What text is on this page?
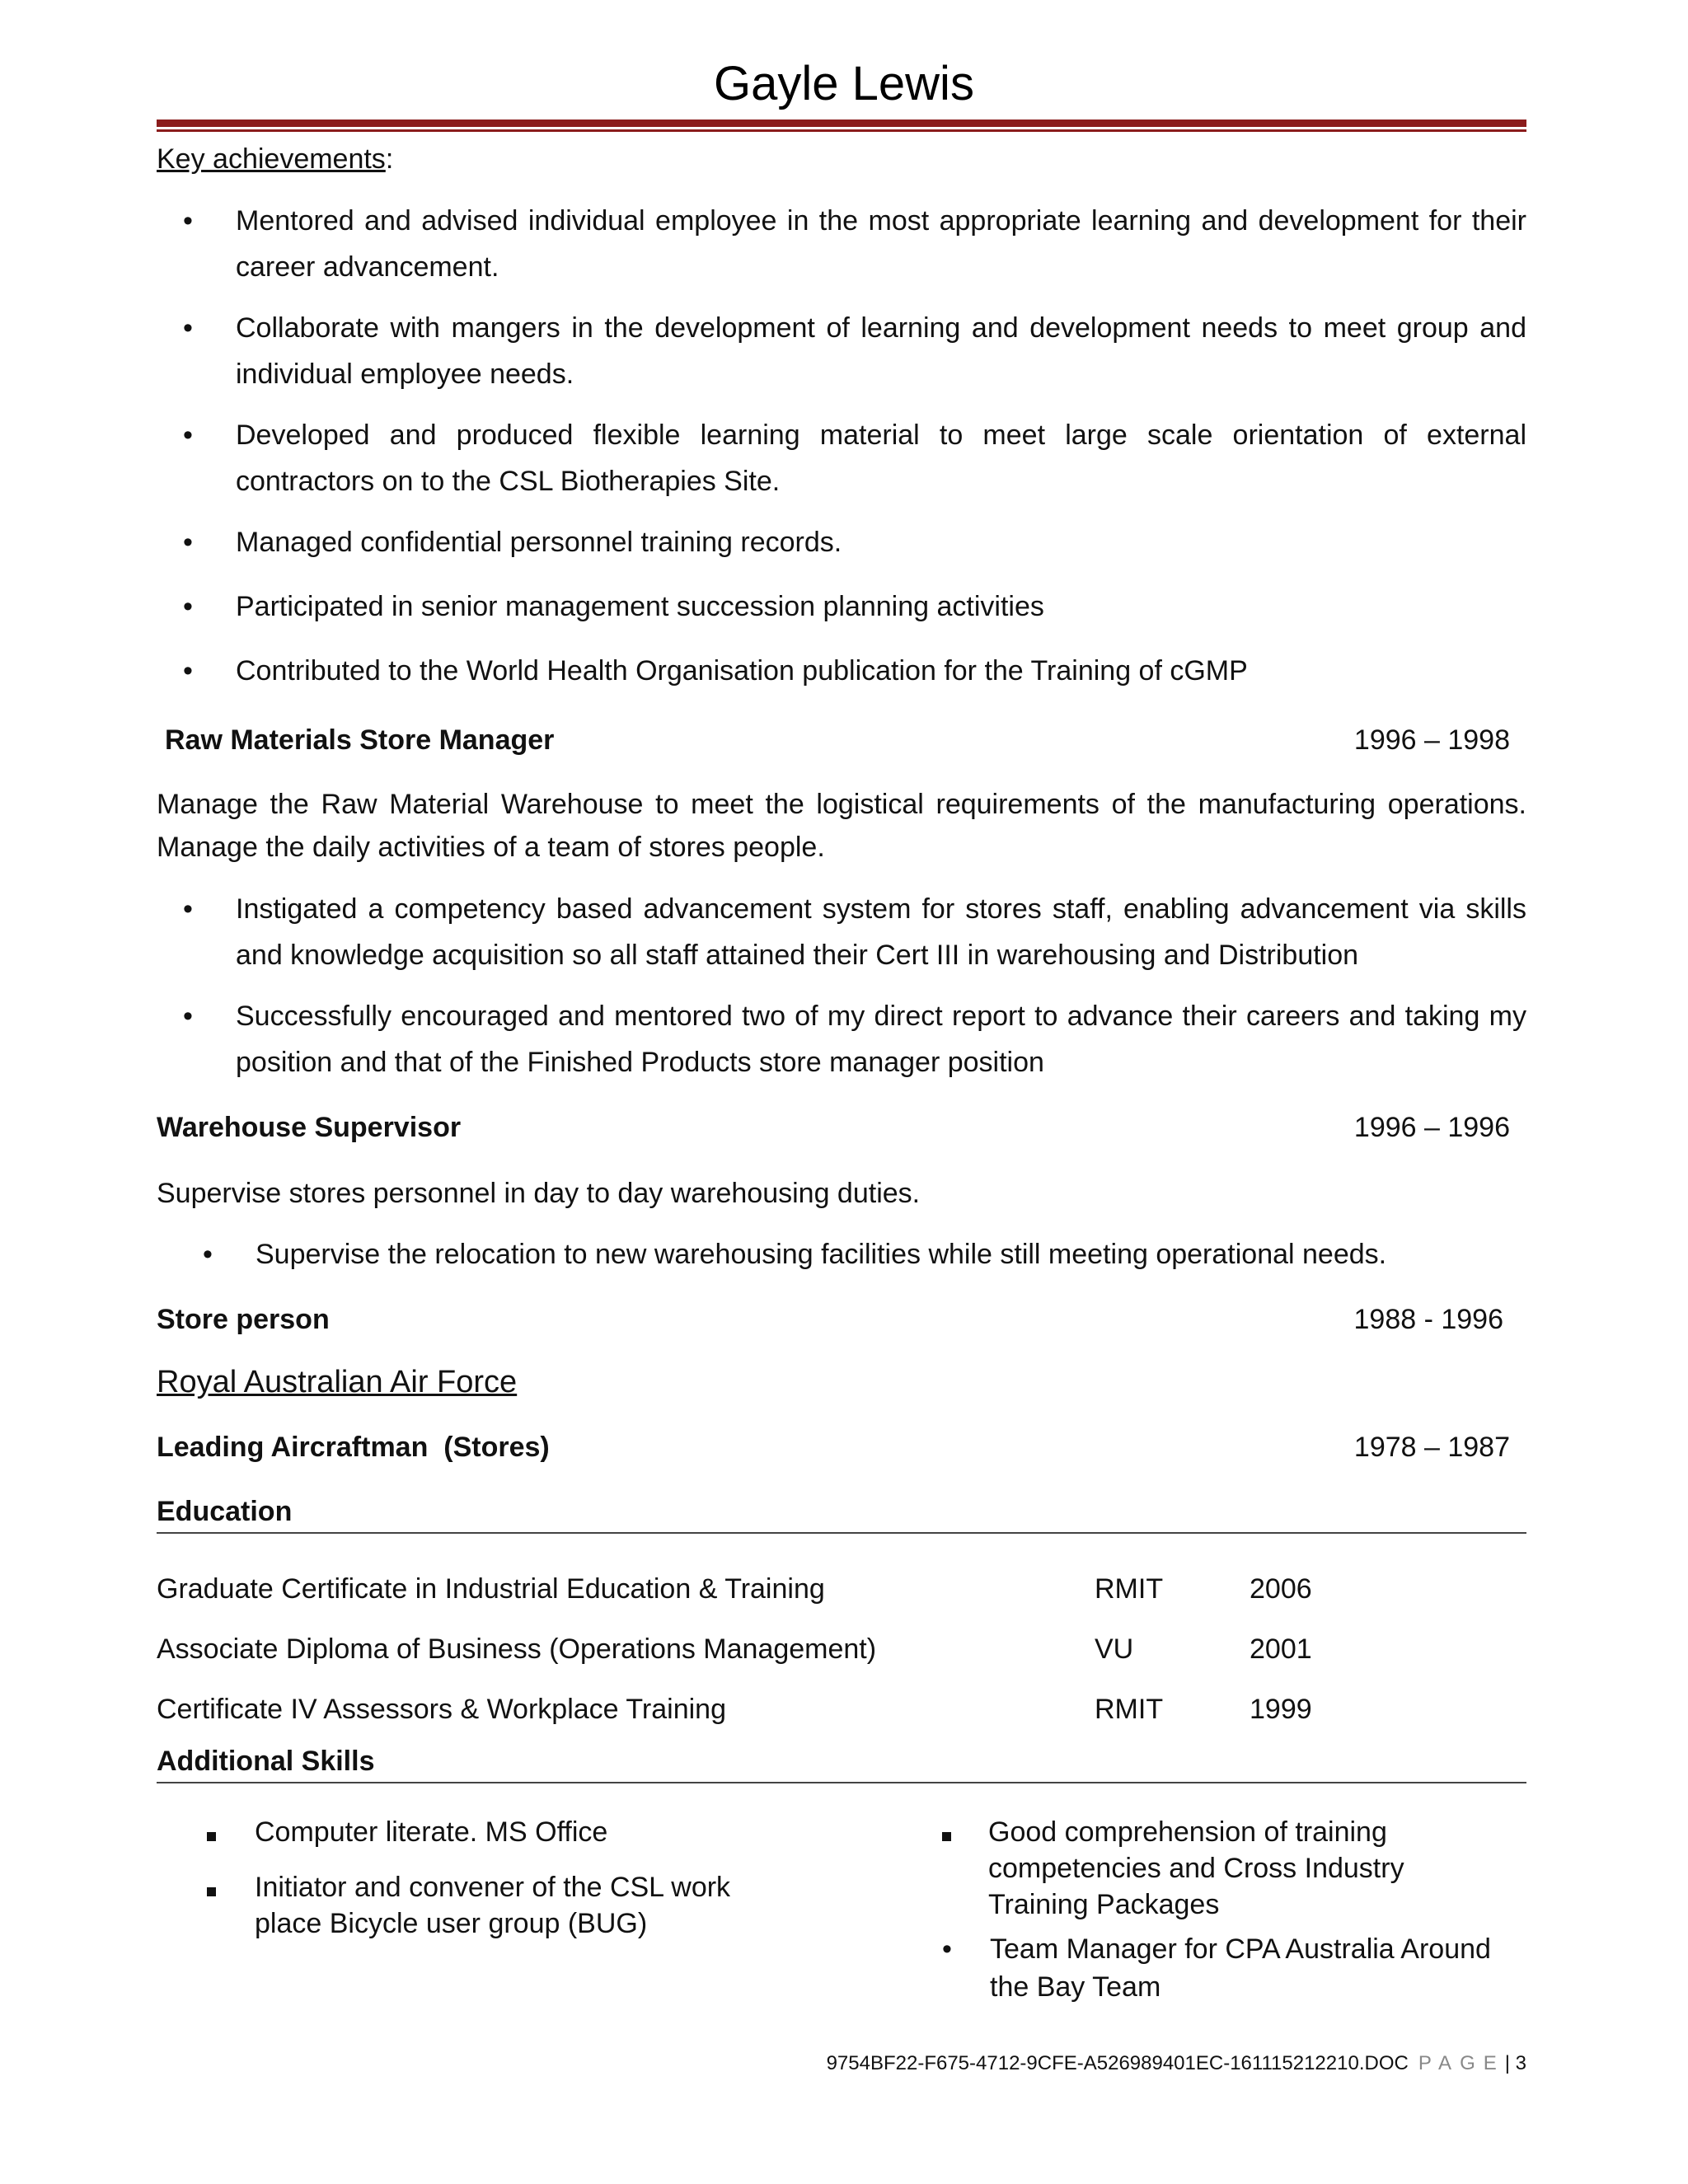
Gayle Lewis
Key achievements:
• Mentored and advised individual employee in the most appropriate learning and development for their career advancement.
• Collaborate with mangers in the development of learning and development needs to meet group and individual employee needs.
• Developed and produced flexible learning material to meet large scale orientation of external contractors on to the CSL Biotherapies Site.
• Managed confidential personnel training records.
• Participated in senior management succession planning activities
• Contributed to the World Health Organisation publication for the Training of cGMP
Raw Materials Store Manager	1996 – 1998

Manage the Raw Material Warehouse to meet the logistical requirements of the manufacturing operations. Manage the daily activities of a team of stores people.

• Instigated a competency based advancement system for stores staff, enabling advancement via skills and knowledge acquisition so all staff attained their Cert III in warehousing and Distribution
• Successfully encouraged and mentored two of my direct report to advance their careers and taking my position and that of the Finished Products store manager position
Warehouse Supervisor	1996 – 1996

Supervise stores personnel in day to day warehousing duties.

• Supervise the relocation to new warehousing facilities while still meeting operational needs.
Store person	1988 - 1996
Royal Australian Air Force
Leading Aircraftman  (Stores)	1978 – 1987
Education
Graduate Certificate in Industrial Education & Training	RMIT	2006
Associate Diploma of Business (Operations Management)	VU	2001
Certificate IV Assessors & Workplace Training	RMIT	1999
Additional Skills
Computer literate. MS Office
Initiator and convener of the CSL work place Bicycle user group (BUG)
Good comprehension of training competencies and Cross Industry Training Packages
• Team Manager for CPA Australia Around the Bay Team
9754BF22-F675-4712-9CFE-A526989401EC-161115212210.DOC PAGE| 3
